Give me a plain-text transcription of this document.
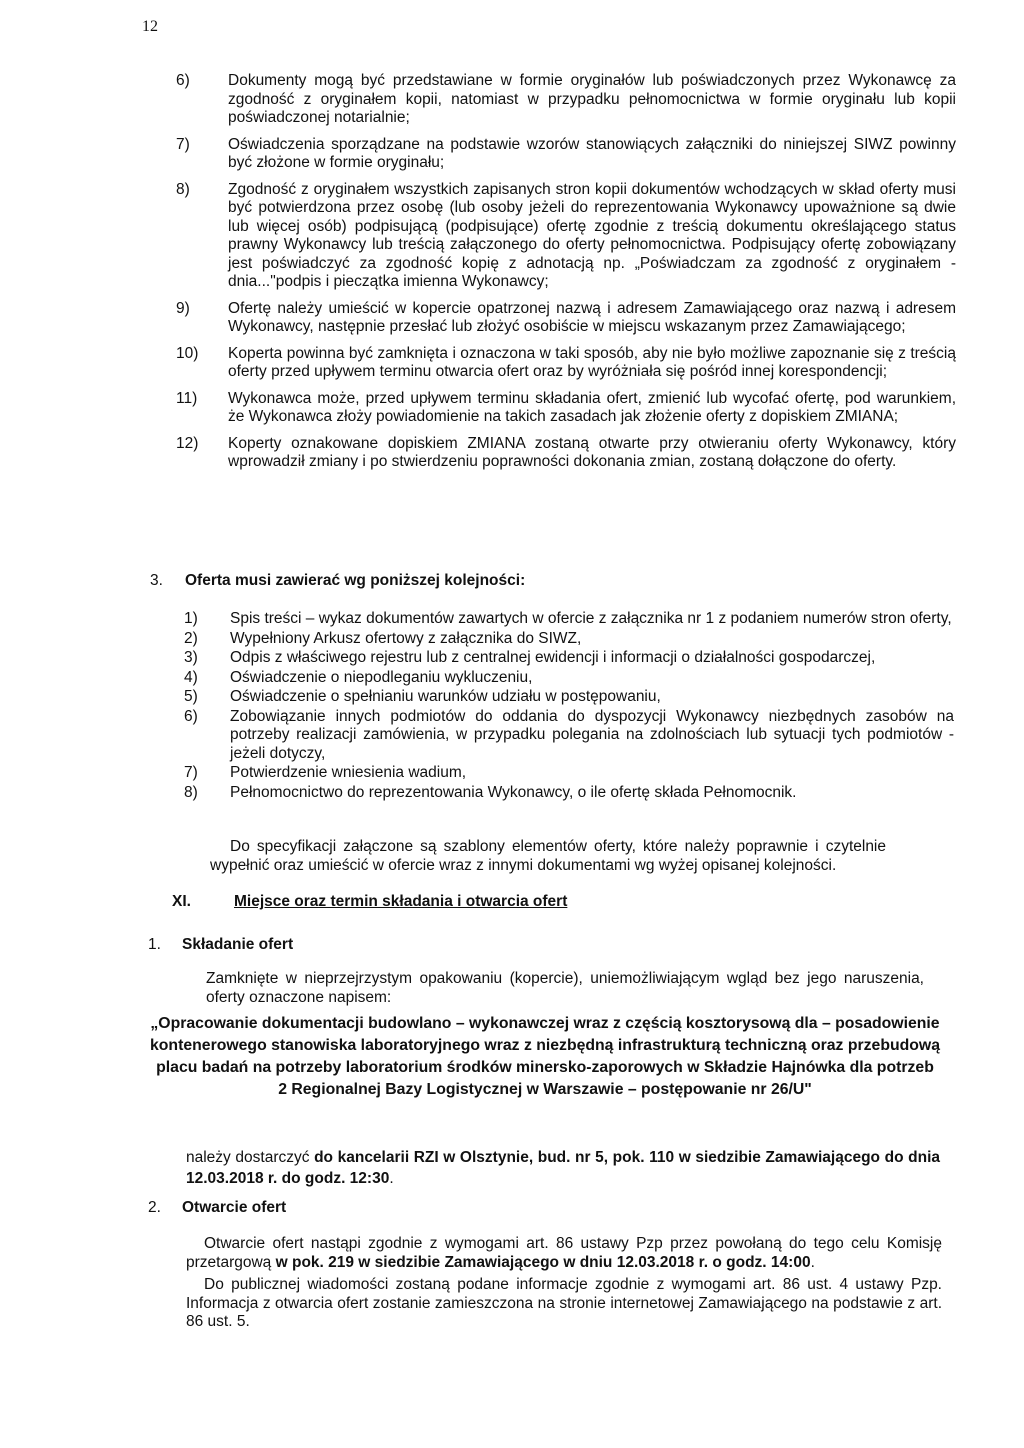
12
6) Dokumenty mogą być przedstawiane w formie oryginałów lub poświadczonych przez Wykonawcę za zgodność z oryginałem kopii, natomiast w przypadku pełnomocnictwa w formie oryginału lub kopii poświadczonej notarialnie;
7) Oświadczenia sporządzane na podstawie wzorów stanowiących załączniki do niniejszej SIWZ powinny być złożone w formie oryginału;
8) Zgodność z oryginałem wszystkich zapisanych stron kopii dokumentów wchodzących w skład oferty musi być potwierdzona przez osobę (lub osoby jeżeli do reprezentowania Wykonawcy upoważnione są dwie lub więcej osób) podpisującą (podpisujące) ofertę zgodnie z treścią dokumentu określającego status prawny Wykonawcy lub treścią załączonego do oferty pełnomocnictwa. Podpisujący ofertę zobowiązany jest poświadczyć za zgodność kopię z adnotacją np. „Poświadczam za zgodność z oryginałem - dnia..."podpis i pieczątka imienna Wykonawcy;
9) Ofertę należy umieścić w kopercie opatrzonej nazwą i adresem Zamawiającego oraz nazwą i adresem Wykonawcy, następnie przesłać lub złożyć osobiście w miejscu wskazanym przez Zamawiającego;
10) Koperta powinna być zamknięta i oznaczona w taki sposób, aby nie było możliwe zapoznanie się z treścią oferty przed upływem terminu otwarcia ofert oraz by wyróżniała się pośród innej korespondencji;
11) Wykonawca może, przed upływem terminu składania ofert, zmienić lub wycofać ofertę, pod warunkiem, że Wykonawca złoży powiadomienie na takich zasadach jak złożenie oferty z dopiskiem ZMIANA;
12) Koperty oznakowane dopiskiem ZMIANA zostaną otwarte przy otwieraniu oferty Wykonawcy, który wprowadził zmiany i po stwierdzeniu poprawności dokonania zmian, zostaną dołączone do oferty.
3. Oferta musi zawierać wg poniższej kolejności:
1) Spis treści – wykaz dokumentów zawartych w ofercie z załącznika nr 1 z podaniem numerów stron oferty,
2) Wypełniony Arkusz ofertowy z załącznika do SIWZ,
3) Odpis z właściwego rejestru lub z centralnej ewidencji i informacji o działalności gospodarczej,
4) Oświadczenie o niepodleganiu wykluczeniu,
5) Oświadczenie o spełnianiu warunków udziału w postępowaniu,
6) Zobowiązanie innych podmiotów do oddania do dyspozycji Wykonawcy niezbędnych zasobów na potrzeby realizacji zamówienia, w przypadku polegania na zdolnościach lub sytuacji tych podmiotów - jeżeli dotyczy,
7) Potwierdzenie wniesienia wadium,
8) Pełnomocnictwo do reprezentowania Wykonawcy, o ile ofertę składa Pełnomocnik.
Do specyfikacji załączone są szablony elementów oferty, które należy poprawnie i czytelnie wypełnić oraz umieścić w ofercie wraz z innymi dokumentami wg wyżej opisanej kolejności.
XI.	Miejsce oraz termin składania i otwarcia ofert
1. Składanie ofert
Zamknięte w nieprzejrzystym opakowaniu (kopercie), uniemożliwiającym wgląd bez jego naruszenia, oferty oznaczone napisem:
„Opracowanie dokumentacji budowlano – wykonawczej wraz z częścią kosztorysową dla – posadowienie kontenerowego stanowiska laboratoryjnego wraz z niezbędną infrastrukturą techniczną oraz przebudową placu badań na potrzeby laboratorium środków minersko-zaporowych w Składzie Hajnówka dla potrzeb 2 Regionalnej Bazy Logistycznej w Warszawie – postępowanie nr 26/U"
należy dostarczyć do kancelarii RZI w Olsztynie, bud. nr 5, pok. 110 w siedzibie Zamawiającego do dnia 12.03.2018 r. do godz. 12:30.
2. Otwarcie ofert

Otwarcie ofert nastąpi zgodnie z wymogami art. 86 ustawy Pzp przez powołaną do tego celu Komisję przetargową w pok. 219 w siedzibie Zamawiającego w dniu 12.03.2018 r. o godz. 14:00.

Do publicznej wiadomości zostaną podane informacje zgodnie z wymogami art. 86 ust. 4 ustawy Pzp. Informacja z otwarcia ofert zostanie zamieszczona na stronie internetowej Zamawiającego na podstawie z art. 86 ust. 5.
